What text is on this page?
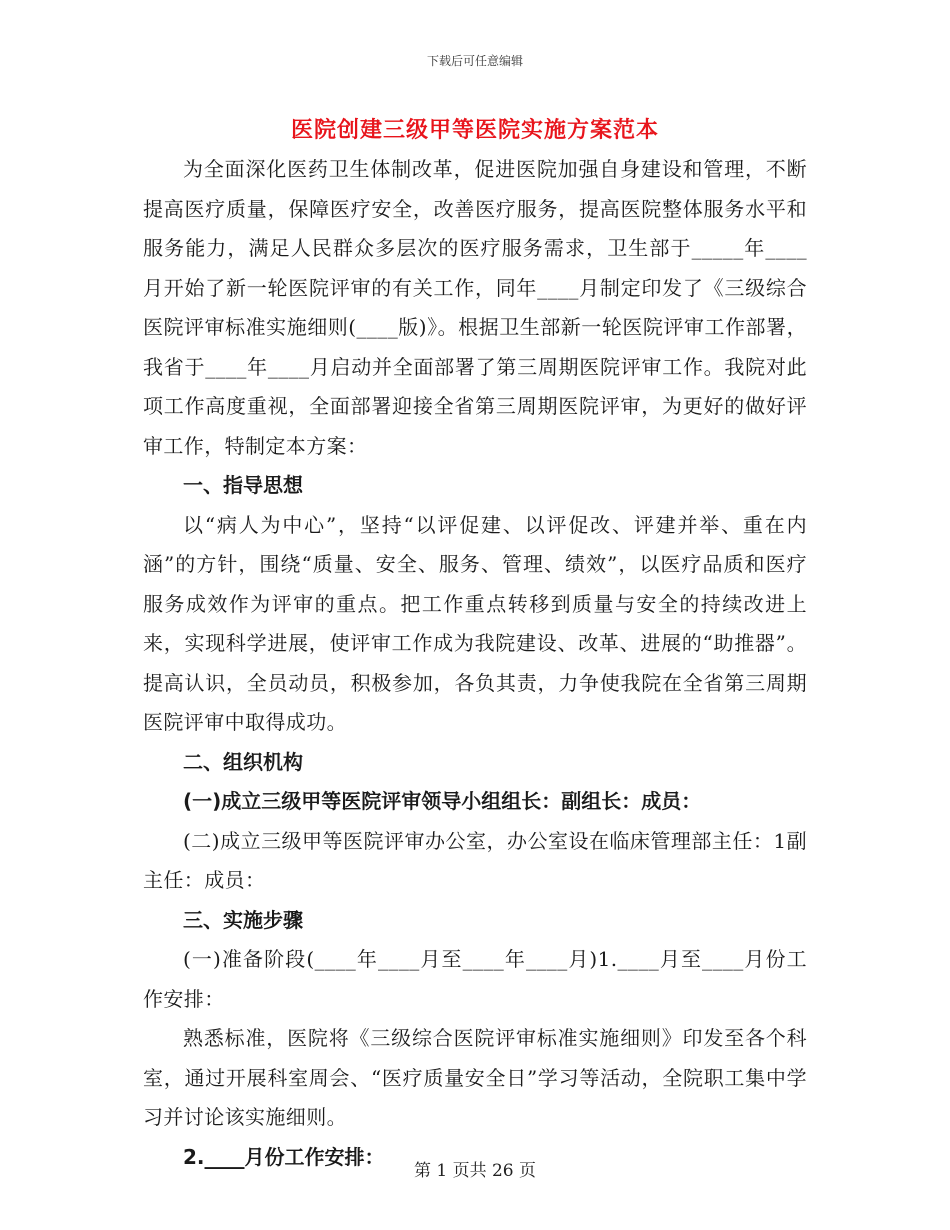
下载后可任意编辑
医院创建三级甲等医院实施方案范本

为全面深化医药卫生体制改革，促进医院加强自身建设和管理，不断提高医疗质量，保障医疗安全，改善医疗服务，提高医院整体服务水平和服务能力，满足人民群众多层次的医疗服务需求，卫生部于_____年____月开始了新一轮医院评审的有关工作，同年____月制定印发了《三级综合医院评审标准实施细则(____版)》。根据卫生部新一轮医院评审工作部署，我省于____年____月启动并全面部署了第三周期医院评审工作。我院对此项工作高度重视，全面部署迎接全省第三周期医院评审，为更好的做好评审工作，特制定本方案：

一、指导思想

以“病人为中心”，坚持“以评促建、以评促改、评建并举、重在内涵”的方针，围绕“质量、安全、服务、管理、绩效”，以医疗品质和医疗服务成效作为评审的重点。把工作重点转移到质量与安全的持续改进上来，实现科学进展，使评审工作成为我院建设、改革、进展的“助推器”。提高认识，全员动员，积极参加，各负其责，力争使我院在全省第三周期医院评审中取得成功。

二、组织机构

(一)成立三级甲等医院评审领导小组组长：副组长：成员：

(二)成立三级甲等医院评审办公室，办公室设在临床管理部主任：1副主任：成员：

三、实施步骤

(一)准备阶段(____年____月至____年____月)1.____月至____月份工作安排：

熟悉标准，医院将《三级综合医院评审标准实施细则》印发至各个科室，通过开展科室周会、“医疗质量安全日”学习等活动，全院职工集中学习并讨论该实施细则。

2.____月份工作安排：

第 1 页共 26 页
